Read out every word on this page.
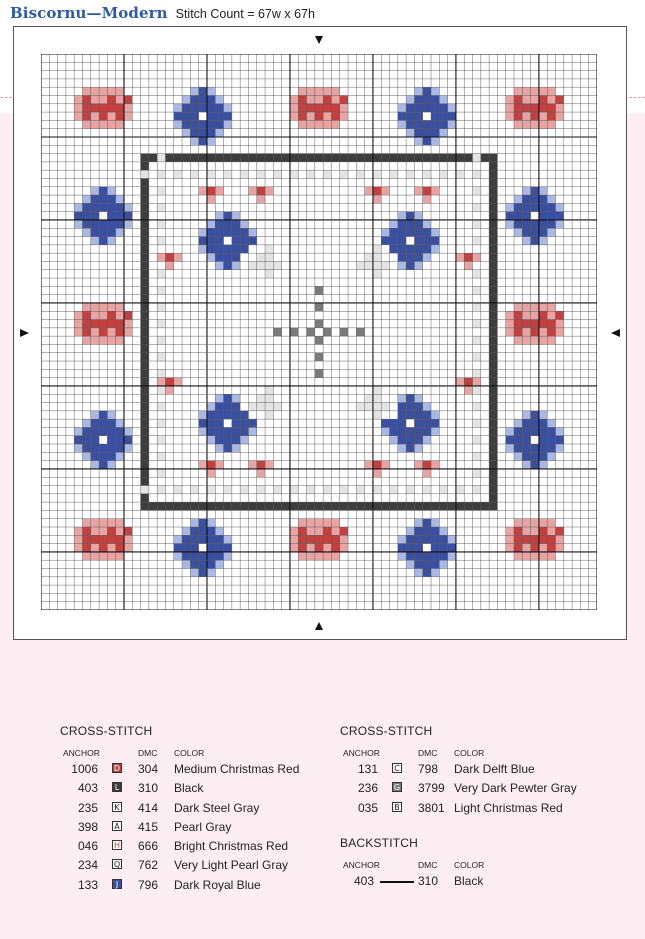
Biscornu—Modern Stitch Count = 67w x 67h
CROSS-STITCH
ANCHOR	DMC COLOR
1006 D 304 Medium Christmas Red
403	L 310 Black
235 K 414 Dark Steel Gray
398 A 415 Pearl Gray
046 H 666 Bright Christmas Red
234 Q 762 Very Light Pearl Gray
133	J	796 Dark Royal Blue
CROSS-STITCH
ANCHOR	DMC COLOR
131 C 798 Dark Delft Blue
236 G 3799 Very Dark Pewter Gray
035 B 3801 Light Christmas Red
BACKSTITCH
ANCHOR	DMC COLOR
403	310 Black
